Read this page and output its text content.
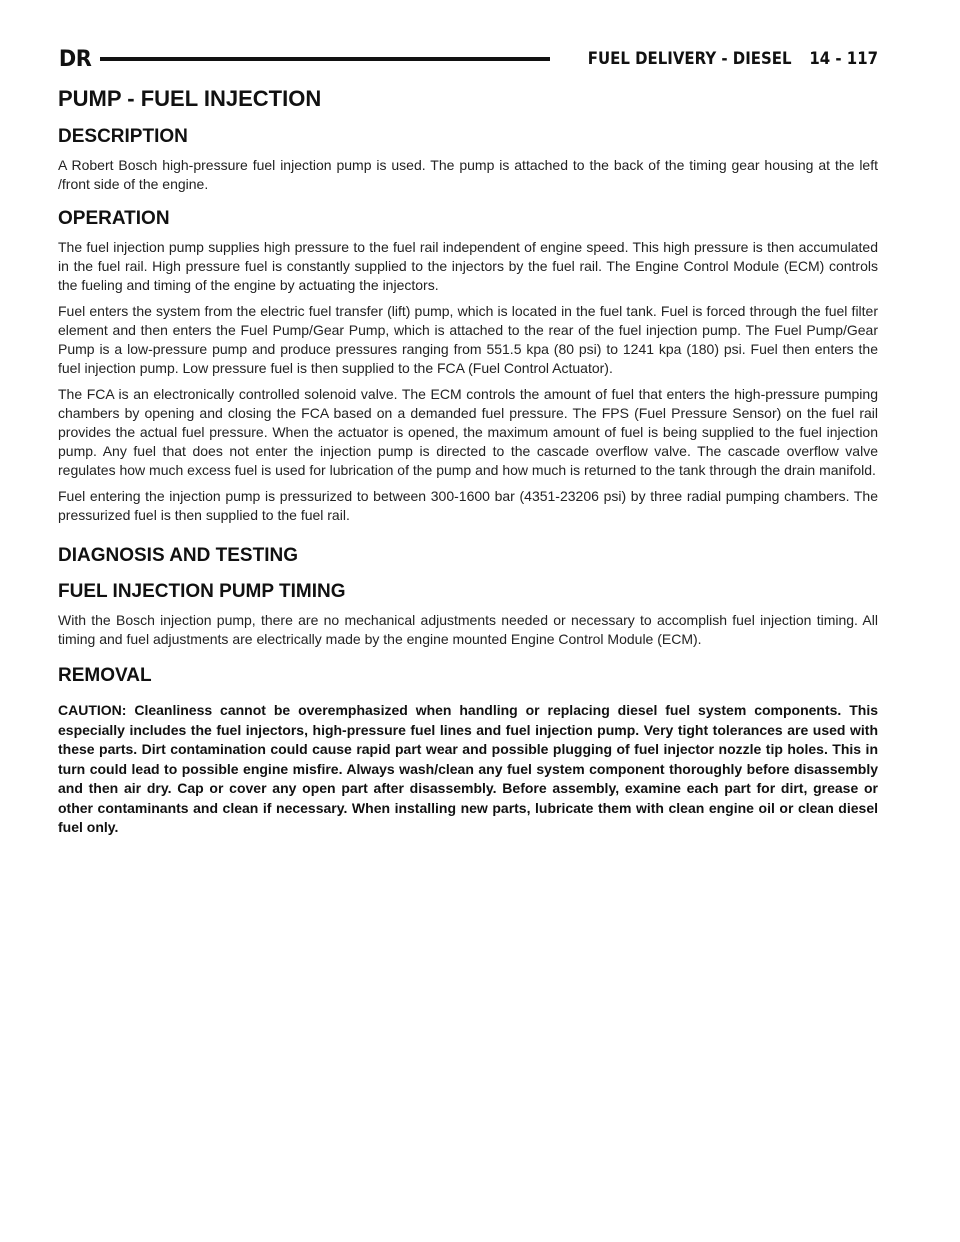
DR	FUEL DELIVERY - DIESEL 14 - 117
PUMP - FUEL INJECTION
DESCRIPTION

A Robert Bosch high-pressure fuel injection pump is used. The pump is attached to the back of the timing gear housing at the left /front side of the engine.

OPERATION

The fuel injection pump supplies high pressure to the fuel rail independent of engine speed. This high pressure is then accumulated in the fuel rail. High pressure fuel is constantly supplied to the injectors by the fuel rail. The Engine Control Module (ECM) controls the fueling and timing of the engine by actuating the injectors.

Fuel enters the system from the electric fuel transfer (lift) pump, which is located in the fuel tank. Fuel is forced through the fuel filter element and then enters the Fuel Pump/Gear Pump, which is attached to the rear of the fuel injection pump. The Fuel Pump/Gear Pump is a low-pressure pump and produce pressures ranging from 551.5 kpa (80 psi) to 1241 kpa (180) psi. Fuel then enters the fuel injection pump. Low pressure fuel is then supplied to the FCA (Fuel Control Actuator).

The FCA is an electronically controlled solenoid valve. The ECM controls the amount of fuel that enters the high-pressure pumping chambers by opening and closing the FCA based on a demanded fuel pressure. The FPS (Fuel Pressure Sensor) on the fuel rail provides the actual fuel pressure. When the actuator is opened, the maximum amount of fuel is being supplied to the fuel injection pump. Any fuel that does not enter the injection pump is directed to the cascade overflow valve. The cascade overflow valve regulates how much excess fuel is used for lubrication of the pump and how much is returned to the tank through the drain manifold.

Fuel entering the injection pump is pressurized to between 300-1600 bar (4351-23206 psi) by three radial pumping chambers. The pressurized fuel is then supplied to the fuel rail.

DIAGNOSIS AND TESTING
FUEL INJECTION PUMP TIMING

With the Bosch injection pump, there are no mechanical adjustments needed or necessary to accomplish fuel injection timing. All timing and fuel adjustments are electrically made by the engine mounted Engine Control Module (ECM).

REMOVAL

CAUTION: Cleanliness cannot be overemphasized when handling or replacing diesel fuel system components. This especially includes the fuel injectors, high-pressure fuel lines and fuel injection pump. Very tight tolerances are used with these parts. Dirt contamination could cause rapid part wear and possible plugging of fuel injector nozzle tip holes. This in turn could lead to possible engine misfire. Always wash/clean any fuel system component thoroughly before disassembly and then air dry. Cap or cover any open part after disassembly. Before assembly, examine each part for dirt, grease or other contaminants and clean if necessary. When installing new parts, lubricate them with clean engine oil or clean diesel fuel only.
